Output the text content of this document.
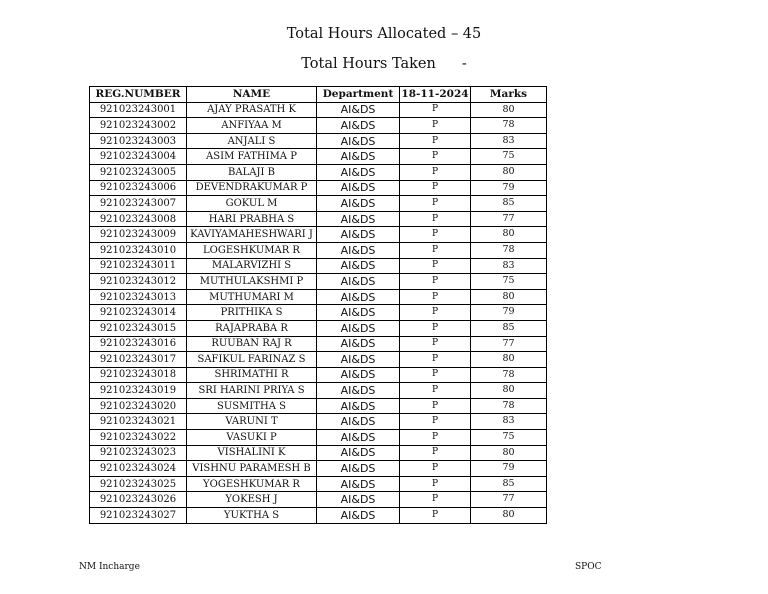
Total Hours Allocated – 45
Total Hours Taken -
REG.NUMBER	NAME	Department	18-11-2024	Marks
921023243001	AJAY PRASATH K	AI&DS	P	80
921023243002	ANFIYAA M	AI&DS	P	78
921023243003	ANJALI S	AI&DS	P	83
921023243004	ASIM FATHIMA P	AI&DS	P	75
921023243005	BALAJI B	AI&DS	P	80
921023243006	DEVENDRAKUMAR P	AI&DS	P	79
921023243007	GOKUL M	AI&DS	P	85
921023243008	HARI PRABHA S	AI&DS	P	77
921023243009	KAVIYAMAHESHWARI J	AI&DS	P	80
921023243010	LOGESHKUMAR R	AI&DS	P	78
921023243011	MALARVIZHI S	AI&DS	P	83
921023243012	MUTHULAKSHMI P	AI&DS	P	75
921023243013	MUTHUMARI M	AI&DS	P	80
921023243014	PRITHIKA S	AI&DS	P	79
921023243015	RAJAPRABA R	AI&DS	P	85
921023243016	RUUBAN RAJ R	AI&DS	P	77
921023243017	SAFIKUL FARINAZ S	AI&DS	P	80
921023243018	SHRIMATHI R	AI&DS	P	78
921023243019	SRI HARINI PRIYA S	AI&DS	P	80
921023243020	SUSMITHA S	AI&DS	P	78
921023243021	VARUNI T	AI&DS	P	83
921023243022	VASUKI P	AI&DS	P	75
921023243023	VISHALINI K	AI&DS	P	80
921023243024	VISHNU PARAMESH B	AI&DS	P	79
921023243025	YOGESHKUMAR R	AI&DS	P	85
921023243026	YOKESH J	AI&DS	P	77
921023243027	YUKTHA S	AI&DS	P	80
NM Incharge	SPOC
